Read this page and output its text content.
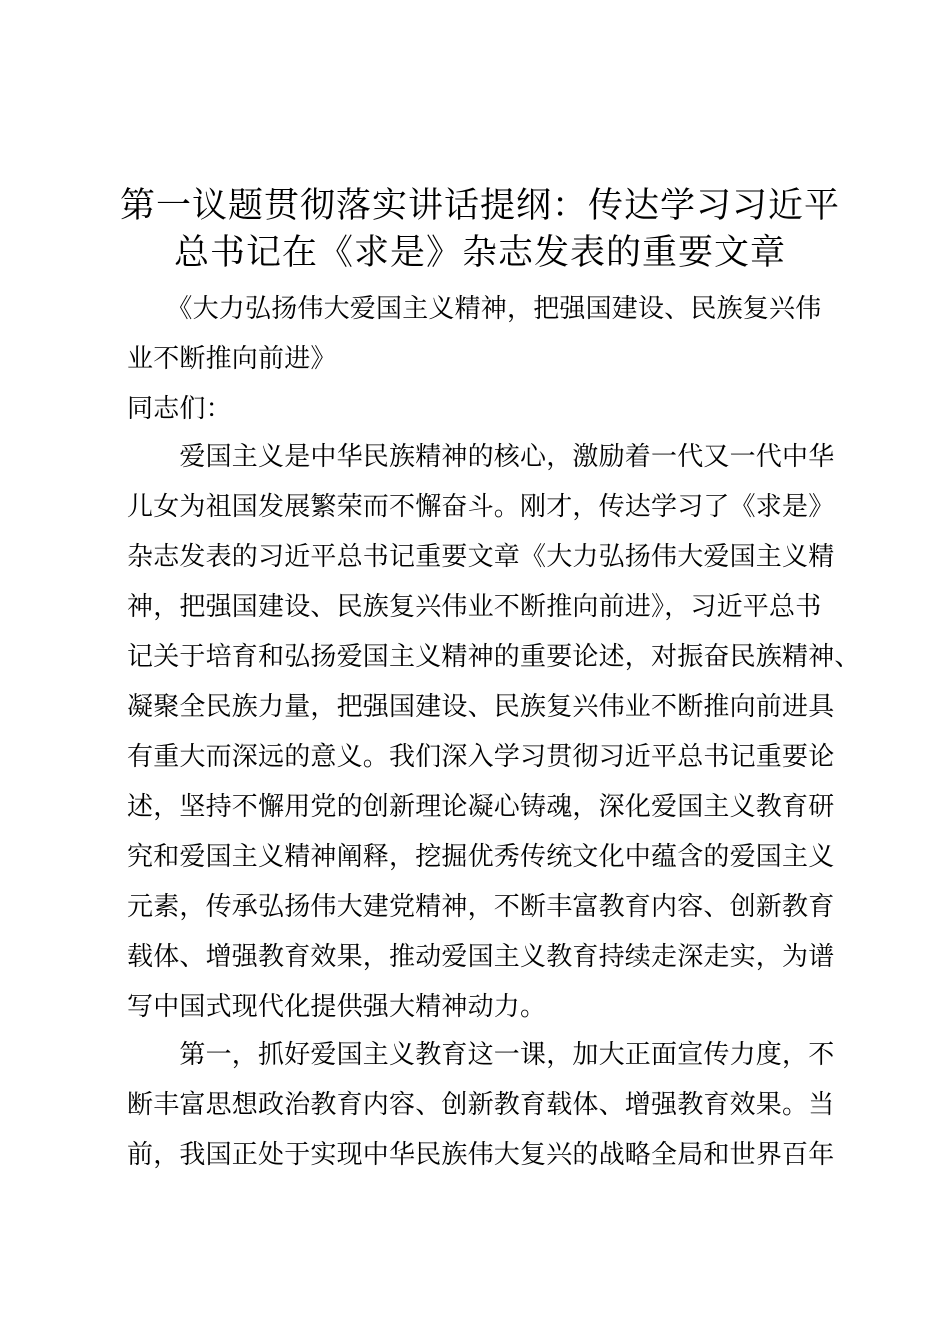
第一议题贯彻落实讲话提纲：传达学习习近平
总书记在《求是》杂志发表的重要文章

　　《大力弘扬伟大爱国主义精神，把强国建设、民族复兴伟
业不断推向前进》

同志们：

　　爱国主义是中华民族精神的核心，激励着一代又一代中华
儿女为祖国发展繁荣而不懈奋斗。刚才，传达学习了《求是》
杂志发表的习近平总书记重要文章《大力弘扬伟大爱国主义精
神，把强国建设、民族复兴伟业不断推向前进》，习近平总书
记关于培育和弘扬爱国主义精神的重要论述，对振奋民族精神、
凝聚全民族力量，把强国建设、民族复兴伟业不断推向前进具
有重大而深远的意义。我们深入学习贯彻习近平总书记重要论
述，坚持不懈用党的创新理论凝心铸魂，深化爱国主义教育研
究和爱国主义精神阐释，挖掘优秀传统文化中蕴含的爱国主义
元素，传承弘扬伟大建党精神，不断丰富教育内容、创新教育
载体、增强教育效果，推动爱国主义教育持续走深走实，为谱
写中国式现代化提供强大精神动力。

　　第一，抓好爱国主义教育这一课，加大正面宣传力度，不
断丰富思想政治教育内容、创新教育载体、增强教育效果。当
前，我国正处于实现中华民族伟大复兴的战略全局和世界百年
